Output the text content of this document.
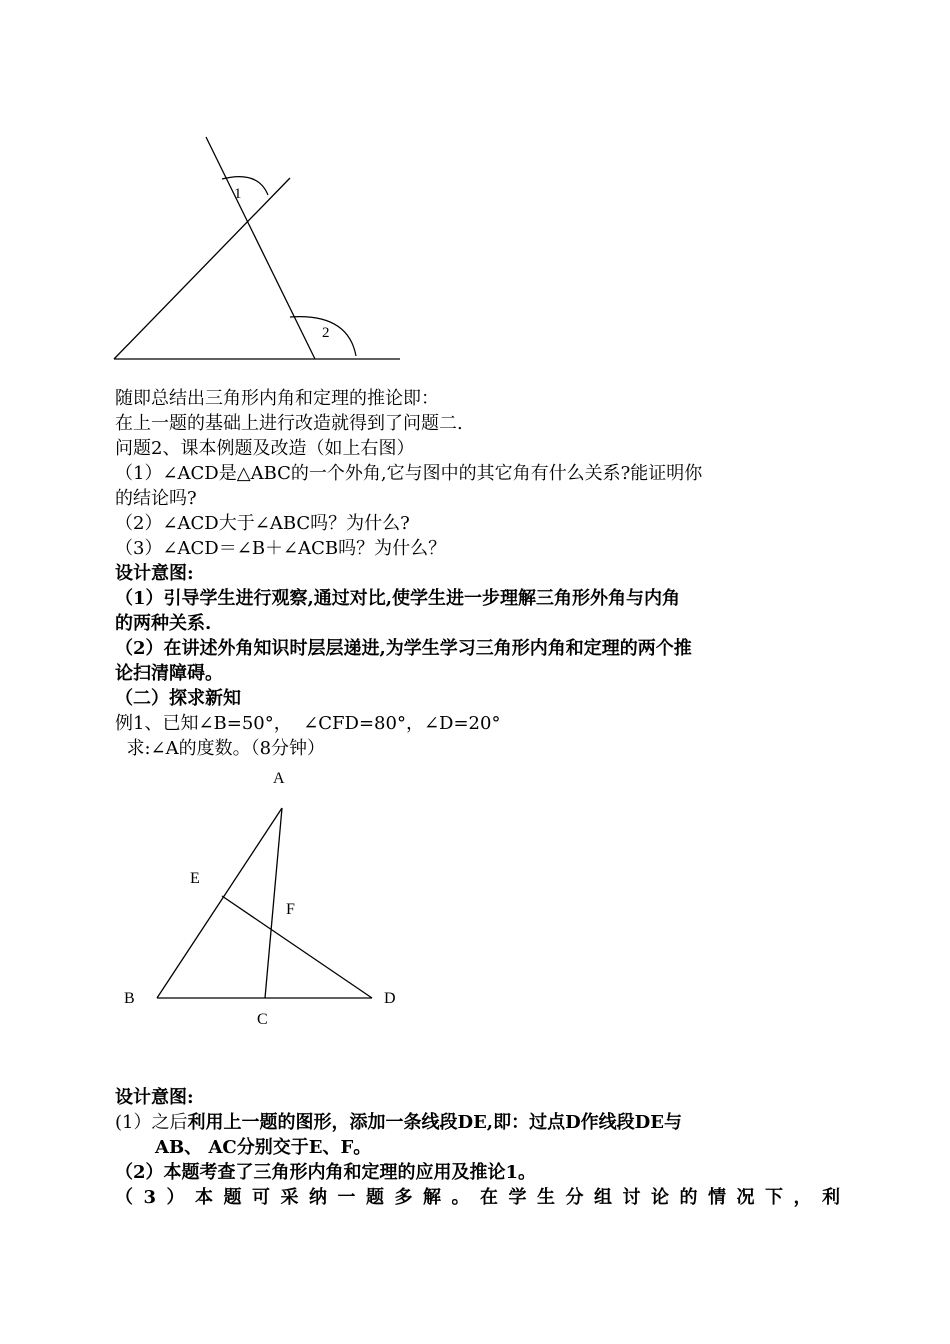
1
2
随即总结出三角形内角和定理的推论即：
在上一题的基础上进行改造就得到了问题二.
问题2、课本例题及改造（如上右图）
（1）∠ACD是△ABC的一个外角,它与图中的其它角有什么关系?能证明你
的结论吗?
（2）∠ACD大于∠ABC吗？为什么?
（3）∠ACD＝∠B＋∠ACB吗？为什么？
设计意图:
（1）引导学生进行观察,通过对比,使学生进一步理解三角形外角与内角
的两种关系.
（2）在讲述外角知识时层层递进,为学生学习三角形内角和定理的两个推
论扫清障碍。
（二）探求新知
例1、已知∠B=50°，  ∠CFD=80°，∠D=20°
求:∠A的度数。（8分钟）
A
E
F
B
C
D
设计意图:
(1）之后利用上一题的图形，添加一条线段DE,即：过点D作线段DE与
AB、 AC分别交于E、F。
（2）本题考查了三角形内角和定理的应用及推论1。
（3）本题可采纳一题多解。在学生分组讨论的情况下，利
